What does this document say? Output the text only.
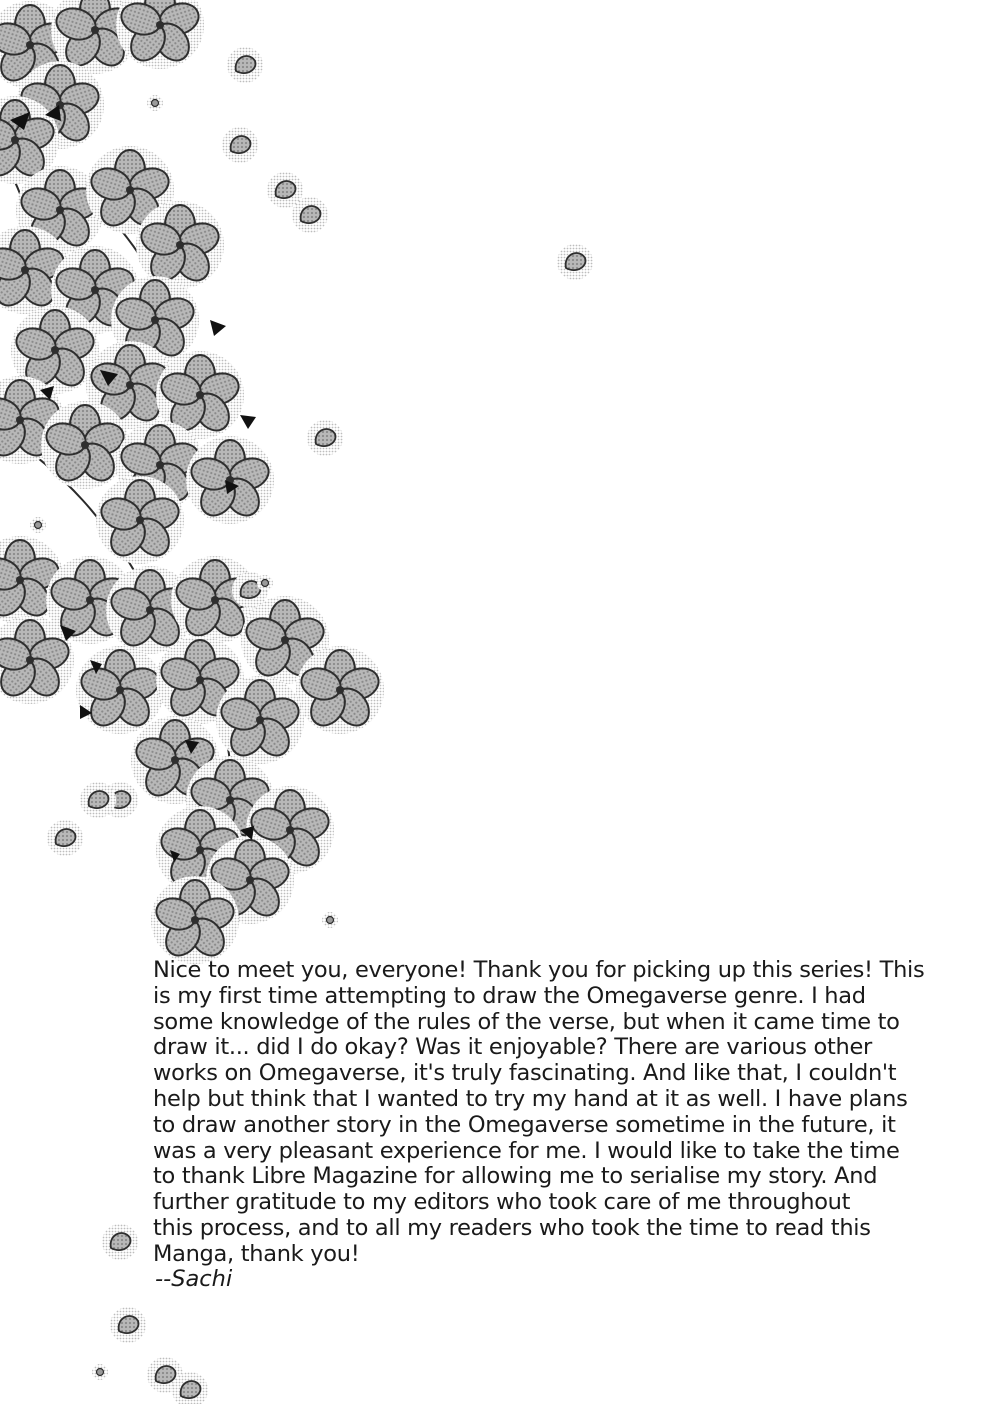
Nice to meet you, everyone! Thank you for picking up this series! This
is my first time attempting to draw the Omegaverse genre. I had
some knowledge of the rules of the verse, but when it came time to
draw it... did I do okay? Was it enjoyable? There are various other
works on Omegaverse, it's truly fascinating. And like that, I couldn't
help but think that I wanted to try my hand at it as well. I have plans
to draw another story in the Omegaverse sometime in the future, it
was a very pleasant experience for me. I would like to take the time
to thank Libre Magazine for allowing me to serialise my story. And
further gratitude to my editors who took care of me throughout
this process, and to all my readers who took the time to read this
Manga, thank you!
--Sachi
